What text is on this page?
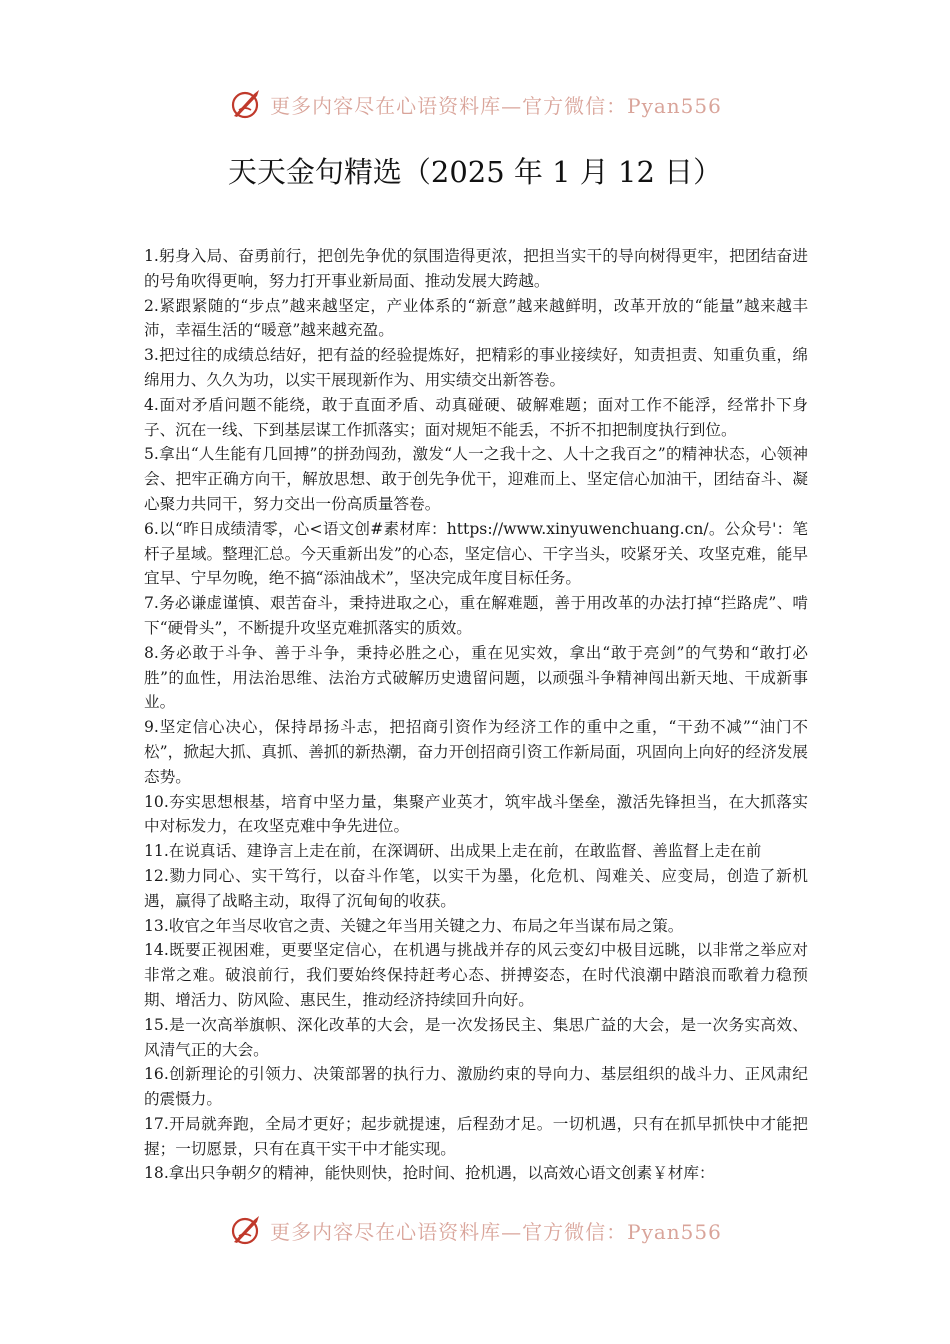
更多内容尽在心语资料库—官方微信：Pyan556
天天金句精选（2025 年 1 月 12 日）

1.躬身入局、奋勇前行，把创先争优的氛围造得更浓，把担当实干的导向树得更牢，把团结奋进的号角吹得更响，努力打开事业新局面、推动发展大跨越。

2.紧跟紧随的“步点”越来越坚定，产业体系的“新意”越来越鲜明，改革开放的“能量”越来越丰沛，幸福生活的“暖意”越来越充盈。

3.把过往的成绩总结好，把有益的经验提炼好，把精彩的事业接续好，知责担责、知重负重，绵绵用力、久久为功，以实干展现新作为、用实绩交出新答卷。

4.面对矛盾问题不能绕，敢于直面矛盾、动真碰硬、破解难题；面对工作不能浮，经常扑下身子、沉在一线、下到基层谋工作抓落实；面对规矩不能丢，不折不扣把制度执行到位。

5.拿出“人生能有几回搏”的拼劲闯劲，激发“人一之我十之、人十之我百之”的精神状态，心领神会、把牢正确方向干，解放思想、敢于创先争优干，迎难而上、坚定信心加油干，团结奋斗、凝心聚力共同干，努力交出一份高质量答卷。

6.以“昨日成绩清零，心<语文创#素材库：https://www.xinyuwenchuang.cn/。公众号'：笔杆子星域。整理汇总。今天重新出发”的心态，坚定信心、干字当头，咬紧牙关、攻坚克难，能早宜早、宁早勿晚，绝不搞“添油战术”，坚决完成年度目标任务。

7.务必谦虚谨慎、艰苦奋斗，秉持进取之心，重在解难题，善于用改革的办法打掉“拦路虎”、啃下“硬骨头”，不断提升攻坚克难抓落实的质效。

8.务必敢于斗争、善于斗争，秉持必胜之心，重在见实效，拿出“敢于亮剑”的气势和“敢打必胜”的血性，用法治思维、法治方式破解历史遗留问题，以顽强斗争精神闯出新天地、干成新事业。

9.坚定信心决心，保持昂扬斗志，把招商引资作为经济工作的重中之重，“干劲不减”“油门不松”，掀起大抓、真抓、善抓的新热潮，奋力开创招商引资工作新局面，巩固向上向好的经济发展态势。

10.夯实思想根基，培育中坚力量，集聚产业英才，筑牢战斗堡垒，激活先锋担当，在大抓落实中对标发力，在攻坚克难中争先进位。

11.在说真话、建诤言上走在前，在深调研、出成果上走在前，在敢监督、善监督上走在前

12.勠力同心、实干笃行，以奋斗作笔，以实干为墨，化危机、闯难关、应变局，创造了新机遇，赢得了战略主动，取得了沉甸甸的收获。

13.收官之年当尽收官之责、关键之年当用关键之力、布局之年当谋布局之策。

14.既要正视困难，更要坚定信心，在机遇与挑战并存的风云变幻中极目远眺，以非常之举应对非常之难。破浪前行，我们要始终保持赶考心态、拼搏姿态，在时代浪潮中踏浪而歌着力稳预期、增活力、防风险、惠民生，推动经济持续回升向好。

15.是一次高举旗帜、深化改革的大会，是一次发扬民主、集思广益的大会，是一次务实高效、风清气正的大会。

16.创新理论的引领力、决策部署的执行力、激励约束的导向力、基层组织的战斗力、正风肃纪的震慑力。

17.开局就奔跑，全局才更好；起步就提速，后程劲才足。一切机遇，只有在抓早抓快中才能把握；一切愿景，只有在真干实干中才能实现。

18.拿出只争朝夕的精神，能快则快，抢时间、抢机遇，以高效心语文创素￥材库：

更多内容尽在心语资料库—官方微信：Pyan556
